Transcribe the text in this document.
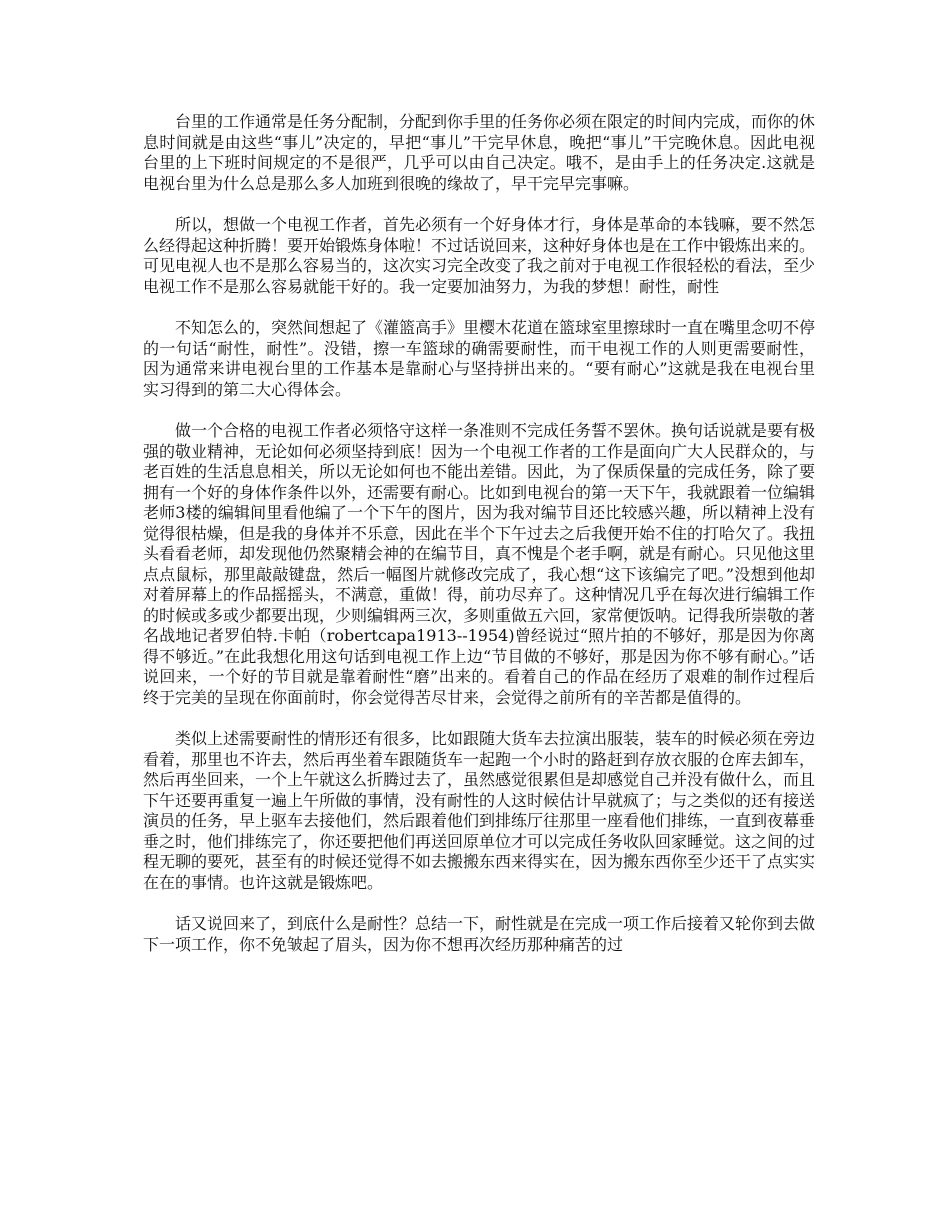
台里的工作通常是任务分配制，分配到你手里的任务你必须在限定的时间内完成，而你的休息时间就是由这些“事儿”决定的，早把“事儿”干完早休息，晚把“事儿”干完晚休息。因此电视台里的上下班时间规定的不是很严，几乎可以由自己决定。哦不，是由手上的任务决定.这就是电视台里为什么总是那么多人加班到很晚的缘故了，早干完早完事嘛。

所以，想做一个电视工作者，首先必须有一个好身体才行，身体是革命的本钱嘛，要不然怎么经得起这种折腾！要开始锻炼身体啦！不过话说回来，这种好身体也是在工作中锻炼出来的。可见电视人也不是那么容易当的，这次实习完全改变了我之前对于电视工作很轻松的看法，至少电视工作不是那么容易就能干好的。我一定要加油努力，为我的梦想！耐性，耐性

不知怎么的，突然间想起了《灌篮高手》里樱木花道在篮球室里擦球时一直在嘴里念叨不停的一句话“耐性，耐性”。没错，擦一车篮球的确需要耐性，而干电视工作的人则更需要耐性，因为通常来讲电视台里的工作基本是靠耐心与坚持拼出来的。“要有耐心”这就是我在电视台里实习得到的第二大心得体会。

做一个合格的电视工作者必须恪守这样一条准则不完成任务誓不罢休。换句话说就是要有极强的敬业精神，无论如何必须坚持到底！因为一个电视工作者的工作是面向广大人民群众的，与老百姓的生活息息相关，所以无论如何也不能出差错。因此，为了保质保量的完成任务，除了要拥有一个好的身体作条件以外，还需要有耐心。比如到电视台的第一天下午，我就跟着一位编辑老师3楼的编辑间里看他编了一个下午的图片，因为我对编节目还比较感兴趣，所以精神上没有觉得很枯燥，但是我的身体并不乐意，因此在半个下午过去之后我便开始不住的打哈欠了。我扭头看看老师，却发现他仍然聚精会神的在编节目，真不愧是个老手啊，就是有耐心。只见他这里点点鼠标，那里敲敲键盘，然后一幅图片就修改完成了，我心想“这下该编完了吧。”没想到他却对着屏幕上的作品摇摇头，不满意，重做！得，前功尽弃了。这种情况几乎在每次进行编辑工作的时候或多或少都要出现，少则编辑两三次，多则重做五六回，家常便饭呐。记得我所崇敬的著名战地记者罗伯特.卡帕（robertcapa1913--1954)曾经说过“照片拍的不够好，那是因为你离得不够近。”在此我想化用这句话到电视工作上边“节目做的不够好，那是因为你不够有耐心。”话说回来，一个好的节目就是靠着耐性“磨”出来的。看着自己的作品在经历了艰难的制作过程后终于完美的呈现在你面前时，你会觉得苦尽甘来，会觉得之前所有的辛苦都是值得的。

类似上述需要耐性的情形还有很多，比如跟随大货车去拉演出服装，装车的时候必须在旁边看着，那里也不许去，然后再坐着车跟随货车一起跑一个小时的路赶到存放衣服的仓库去卸车，然后再坐回来，一个上午就这么折腾过去了，虽然感觉很累但是却感觉自己并没有做什么，而且下午还要再重复一遍上午所做的事情，没有耐性的人这时候估计早就疯了；与之类似的还有接送演员的任务，早上驱车去接他们，然后跟着他们到排练厅往那里一座看他们排练，一直到夜幕垂垂之时，他们排练完了，你还要把他们再送回原单位才可以完成任务收队回家睡觉。这之间的过程无聊的要死，甚至有的时候还觉得不如去搬搬东西来得实在，因为搬东西你至少还干了点实实在在的事情。也许这就是锻炼吧。

话又说回来了，到底什么是耐性？总结一下，耐性就是在完成一项工作后接着又轮你到去做下一项工作，你不免皱起了眉头，因为你不想再次经历那种痛苦的过
